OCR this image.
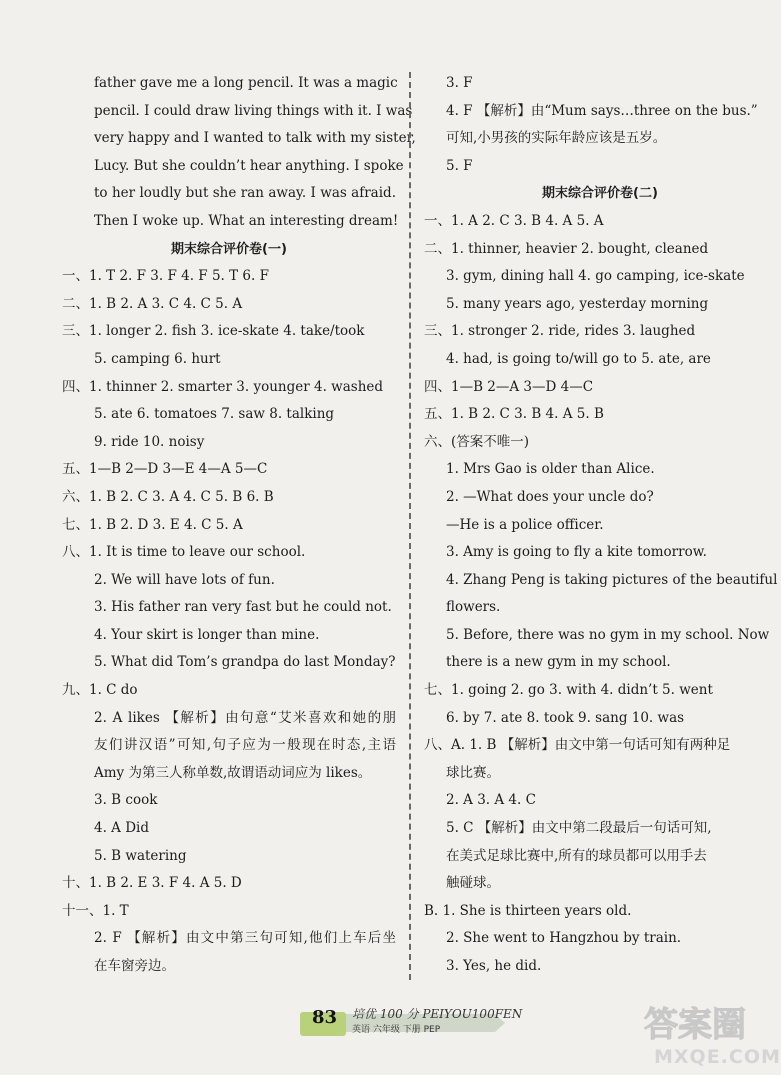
father gave me a long pencil. It was a magic
pencil. I could draw living things with it. I was
very happy and I wanted to talk with my sister,
Lucy. But she couldn’t hear anything. I spoke
to her loudly but she ran away. I was afraid.
Then I woke up. What an interesting dream!
期末综合评价卷(一)
一、1. T 2. F 3. F 4. F 5. T 6. F
二、1. B 2. A 3. C 4. C 5. A
三、1. longer 2. fish 3. ice-skate 4. take/took
5. camping 6. hurt
四、1. thinner 2. smarter 3. younger 4. washed
5. ate 6. tomatoes 7. saw 8. talking
9. ride 10. noisy
五、1—B 2—D 3—E 4—A 5—C
六、1. B 2. C 3. A 4. C 5. B 6. B
七、1. B 2. D 3. E 4. C 5. A
八、1. It is time to leave our school.
2. We will have lots of fun.
3. His father ran very fast but he could not.
4. Your skirt is longer than mine.
5. What did Tom’s grandpa do last Monday?
九、1. C do
2. A likes 【解析】由句意“艾米喜欢和她的朋
友们讲汉语”可知,句子应为一般现在时态,主语
Amy 为第三人称单数,故谓语动词应为 likes。
3. B cook
4. A Did
5. B watering
十、1. B 2. E 3. F 4. A 5. D
十一、1. T
2. F 【解析】由文中第三句可知,他们上车后坐
在车窗旁边。
3. F
4. F 【解析】由“Mum says…three on the bus.”
可知,小男孩的实际年龄应该是五岁。
5. F
期末综合评价卷(二)
一、1. A 2. C 3. B 4. A 5. A
二、1. thinner, heavier 2. bought, cleaned
3. gym, dining hall 4. go camping, ice-skate
5. many years ago, yesterday morning
三、1. stronger 2. ride, rides 3. laughed
4. had, is going to/will go to 5. ate, are
四、1—B 2—A 3—D 4—C
五、1. B 2. C 3. B 4. A 5. B
六、(答案不唯一)
1. Mrs Gao is older than Alice.
2. —What does your uncle do?
—He is a police officer.
3. Amy is going to fly a kite tomorrow.
4. Zhang Peng is taking pictures of the beautiful
flowers.
5. Before, there was no gym in my school. Now
there is a new gym in my school.
七、1. going 2. go 3. with 4. didn’t 5. went
6. by 7. ate 8. took 9. sang 10. was
八、A. 1. B 【解析】由文中第一句话可知有两种足
球比赛。
2. A 3. A 4. C
5. C 【解析】由文中第二段最后一句话可知,
在美式足球比赛中,所有的球员都可以用手去
触碰球。
B. 1. She is thirteen years old.
2. She went to Hangzhou by train.
3. Yes, he did.
83 培优 100 分 PEIYOU100FEN
英语 六年级 下册 PEP	答案圈
MXQE.COM
